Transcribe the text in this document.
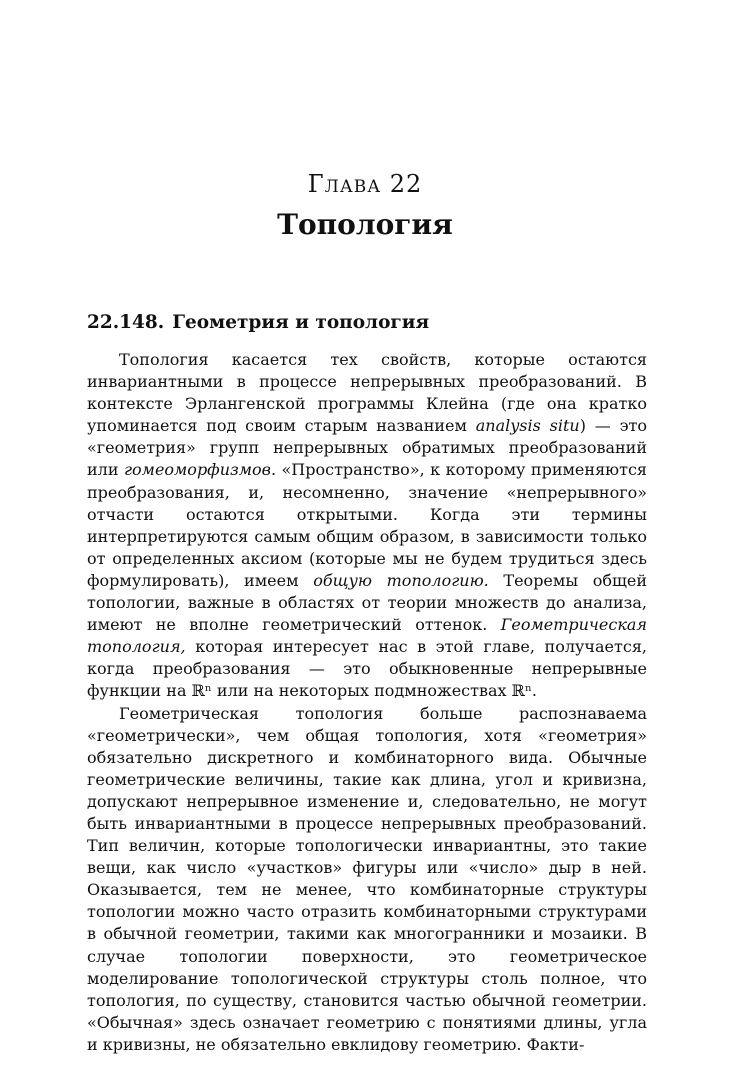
Глава 22
Топология
22.148. Геометрия и топология

Топология касается тех свойств, которые остаются инвариантными в процессе непрерывных преобразований. В контексте Эрлангенской программы Клейна (где она кратко упоминается под своим старым названием analysis situ) — это «геометрия» групп непрерывных обратимых преобразований или гомеоморфизмов. «Пространство», к которому применяются преобразования, и, несомненно, значение «непрерывного» отчасти остаются открытыми. Когда эти термины интерпретируются самым общим образом, в зависимости только от определенных аксиом (которые мы не будем трудиться здесь формулировать), имеем общую топологию. Теоремы общей топологии, важные в областях от теории множеств до анализа, имеют не вполне геометрический оттенок. Геометрическая топология, которая интересует нас в этой главе, получается, когда преобразования — это обыкновенные непрерывные функции на ℝⁿ или на некоторых подмножествах ℝⁿ.

Геометрическая топология больше распознаваема «геометрически», чем общая топология, хотя «геометрия» обязательно дискретного и комбинаторного вида. Обычные геометрические величины, такие как длина, угол и кривизна, допускают непрерывное изменение и, следовательно, не могут быть инвариантными в процессе непрерывных преобразований. Тип величин, которые топологически инвариантны, это такие вещи, как число «участков» фигуры или «число» дыр в ней. Оказывается, тем не менее, что комбинаторные структуры топологии можно часто отразить комбинаторными структурами в обычной геометрии, такими как многогранники и мозаики. В случае топологии поверхности, это геометрическое моделирование топологической структуры столь полное, что топология, по существу, становится частью обычной геометрии. «Обычная» здесь означает геометрию с понятиями длины, угла и кривизны, не обязательно евклидову геометрию. Факти-
